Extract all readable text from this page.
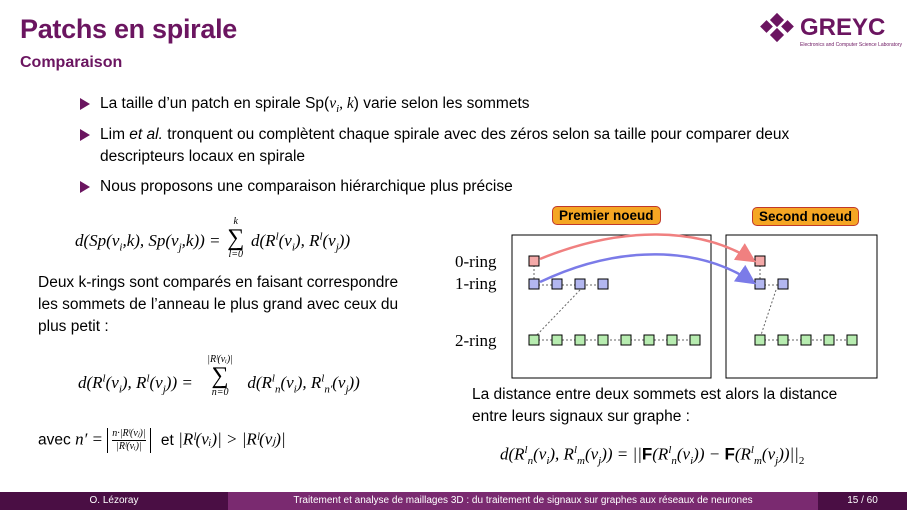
Patchs en spirale
Comparaison
GREYC
Electronics and Computer Science Laboratory
La taille d’un patch en spirale $Sp(v_i$, k) varie selon les sommets
Lim et al. tronquent ou complètent chaque spirale avec des zéros selon sa taille pour comparer deux descripteurs locaux en spirale
Nous proposons une comparaison hiérarchique plus précise
$d(Sp(v_i,k)$, $Sp(v_j,k)$) =
k
∑
l=0
$d(R^l(v_i)$, $R^l(v_j)$)
Deux k-rings sont comparés en faisant correspondre
les sommets de l’anneau le plus grand avec ceux du
plus petit :
$d(R^l(v_i)$, $R^l(v_j)$) =
|Rˡ(vᵢ)|
∑
n=0
$d(R^l_n(v_i)$, $R^l_{n'}(v_j)$)
avec $n' = \frac{\text{n·|Rˡ(vⱼ)|}}{\text{|Rˡ(vᵢ)|}}$ et |Rˡ(vᵢ)| > |Rˡ(vⱼ)|
Premier noeud	Second noeud
0-ring
1-ring
2-ring
La distance entre deux sommets est alors la distance
entre leurs signaux sur graphe :
$d(R^l_n(v_i)$, $R^l_m(v_j)) = ||F(R^l_n(v_i)) - F(R^l_m(v_j))||_2$
O. Lézoray	Traitement et analyse de maillages 3D : du traitement de signaux sur graphes aux réseaux de neurones	15 / 60
